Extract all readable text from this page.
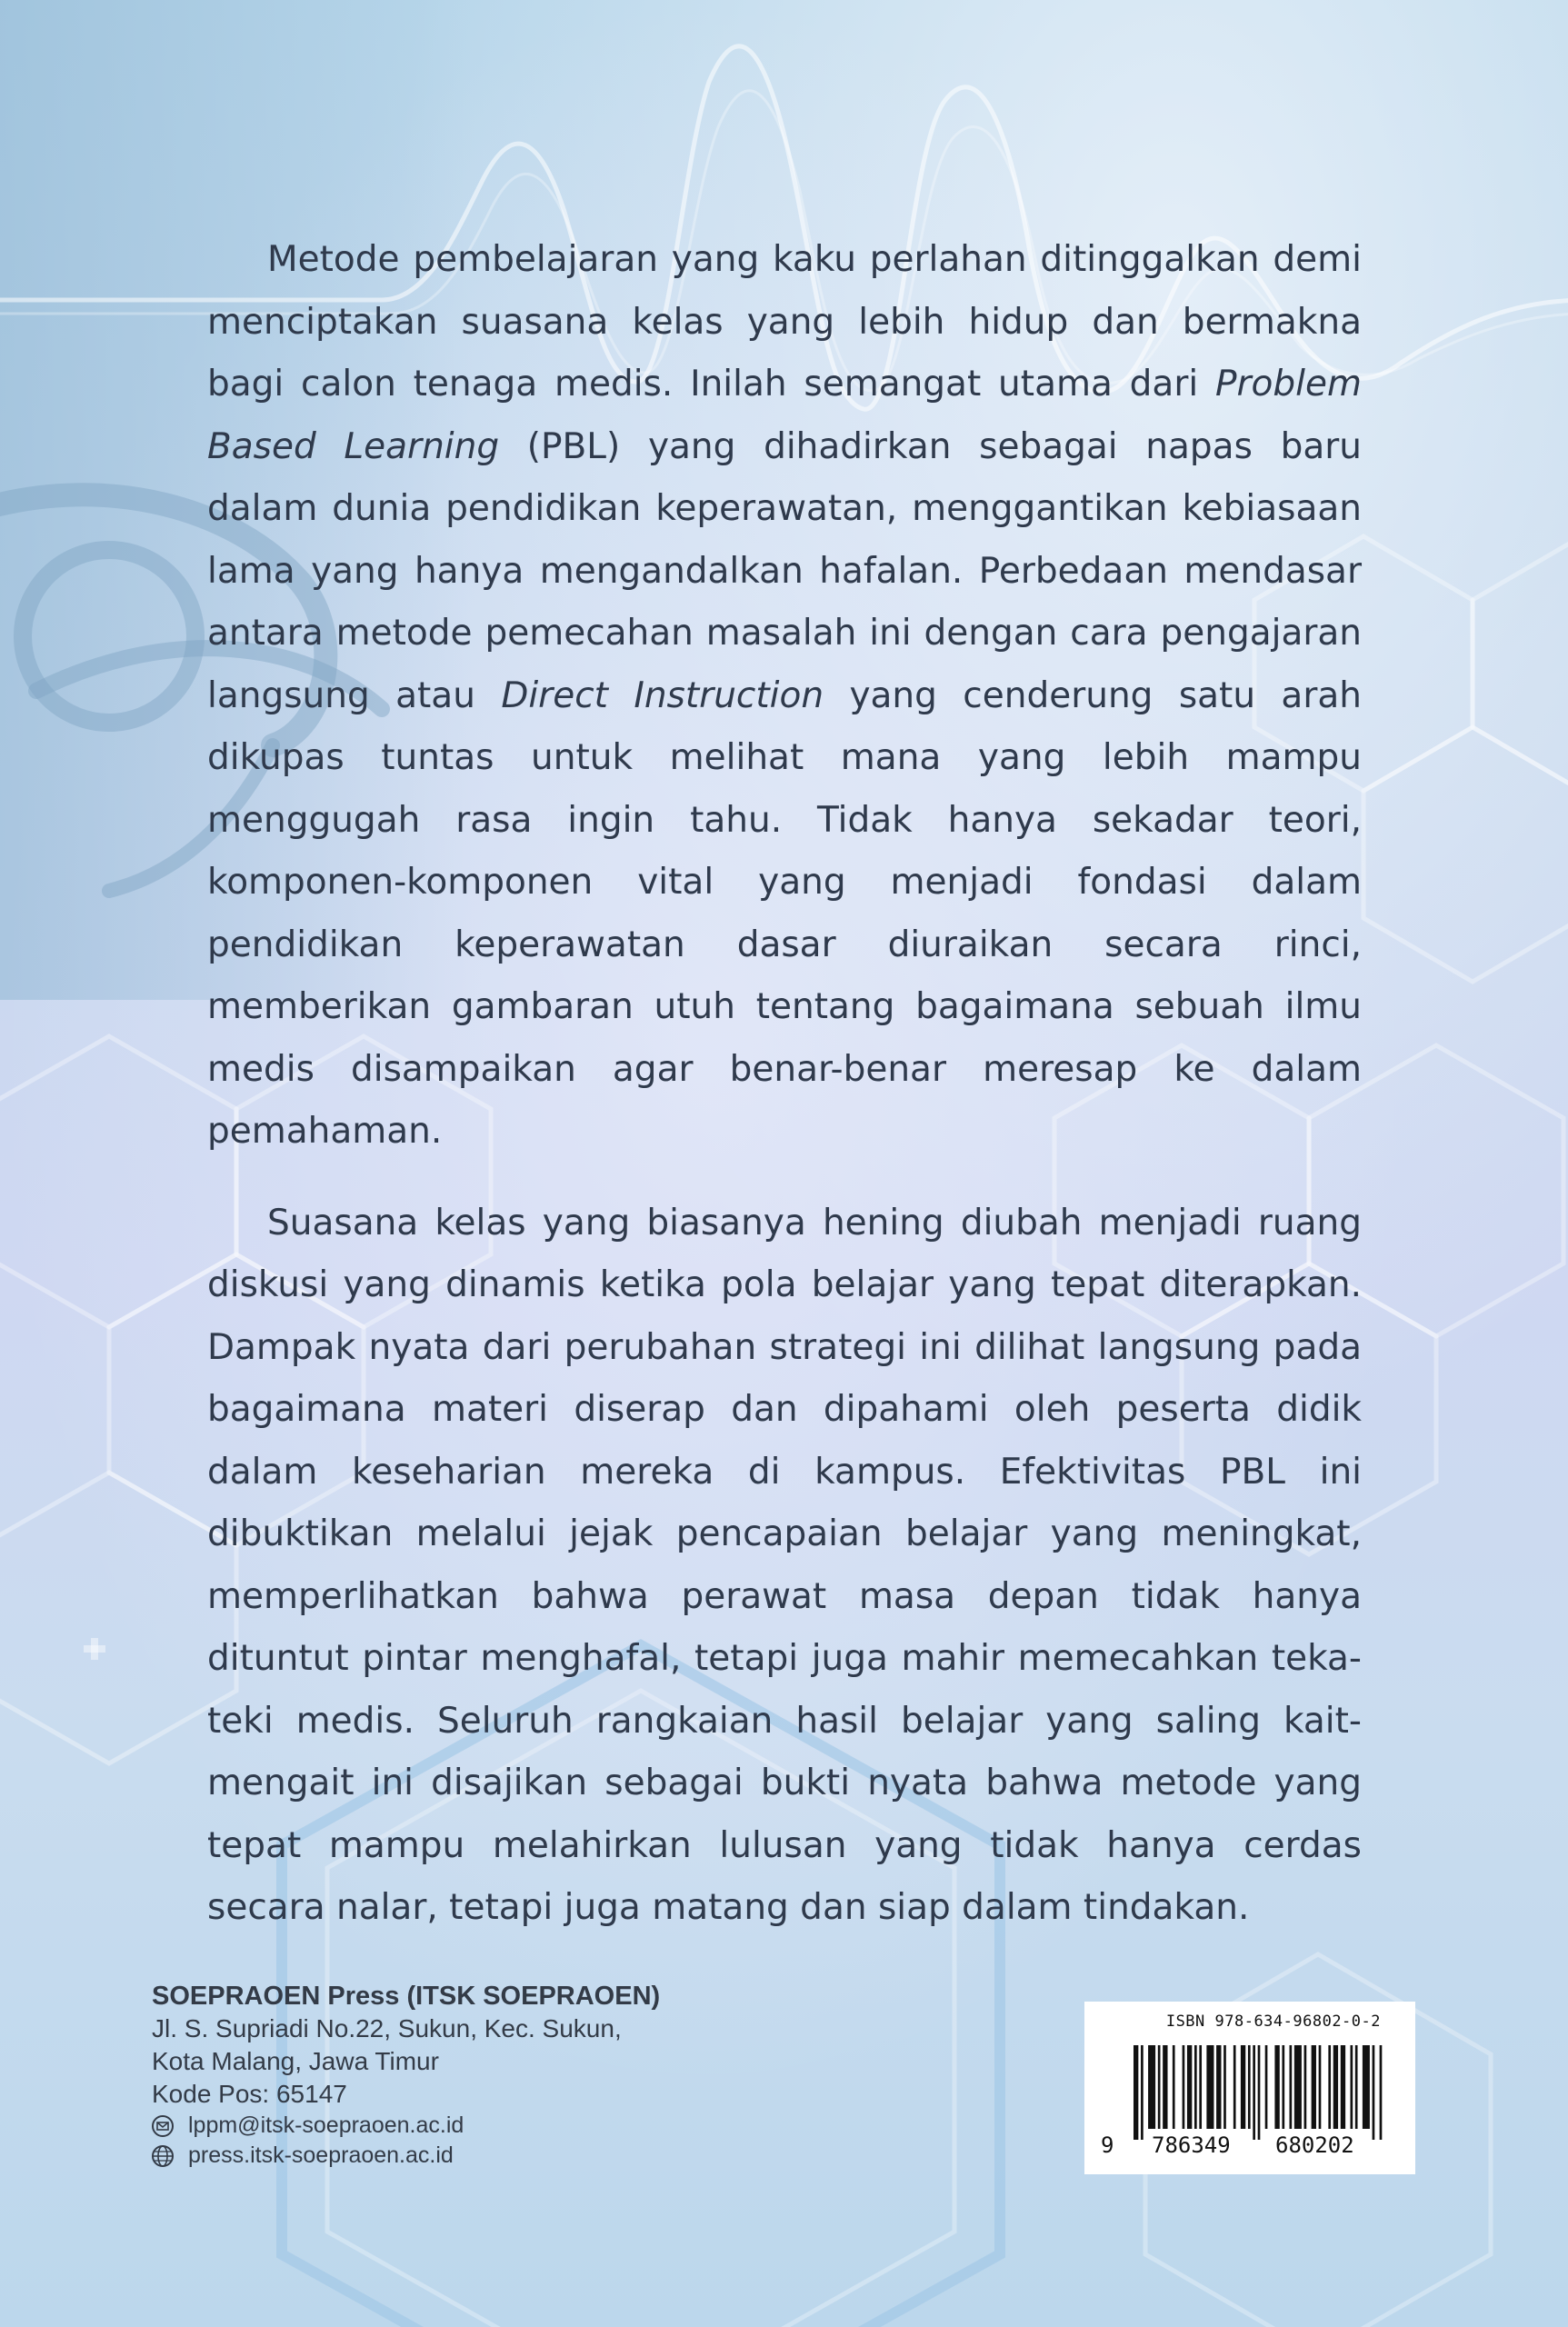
Metode pembelajaran yang kaku perlahan ditinggalkan demi menciptakan suasana kelas yang lebih hidup dan bermakna bagi calon tenaga medis. Inilah semangat utama dari Problem Based Learning (PBL) yang dihadirkan sebagai napas baru dalam dunia pendidikan keperawatan, menggantikan kebiasaan lama yang hanya mengandalkan hafalan. Perbedaan mendasar antara metode pemecahan masalah ini dengan cara pengajaran langsung atau Direct Instruction yang cenderung satu arah dikupas tuntas untuk melihat mana yang lebih mampu menggugah rasa ingin tahu. Tidak hanya sekadar teori, komponen-komponen vital yang menjadi fondasi dalam pendidikan keperawatan dasar diuraikan secara rinci, memberikan gambaran utuh tentang bagaimana sebuah ilmu medis disampaikan agar benar-benar meresap ke dalam pemahaman.

Suasana kelas yang biasanya hening diubah menjadi ruang diskusi yang dinamis ketika pola belajar yang tepat diterapkan. Dampak nyata dari perubahan strategi ini dilihat langsung pada bagaimana materi diserap dan dipahami oleh peserta didik dalam keseharian mereka di kampus. Efektivitas PBL ini dibuktikan melalui jejak pencapaian belajar yang meningkat, memperlihatkan bahwa perawat masa depan tidak hanya dituntut pintar menghafal, tetapi juga mahir memecahkan teka-teki medis. Seluruh rangkaian hasil belajar yang saling kait-mengait ini disajikan sebagai bukti nyata bahwa metode yang tepat mampu melahirkan lulusan yang tidak hanya cerdas secara nalar, tetapi juga matang dan siap dalam tindakan.

SOEPRAOEN Press (ITSK SOEPRAOEN)
Jl. S. Supriadi No.22, Sukun, Kec. Sukun,
Kota Malang, Jawa Timur
Kode Pos: 65147
lppm@itsk-soepraoen.ac.id
press.itsk-soepraoen.ac.id
ISBN 978-634-96802-0-2
9 786349 680202
